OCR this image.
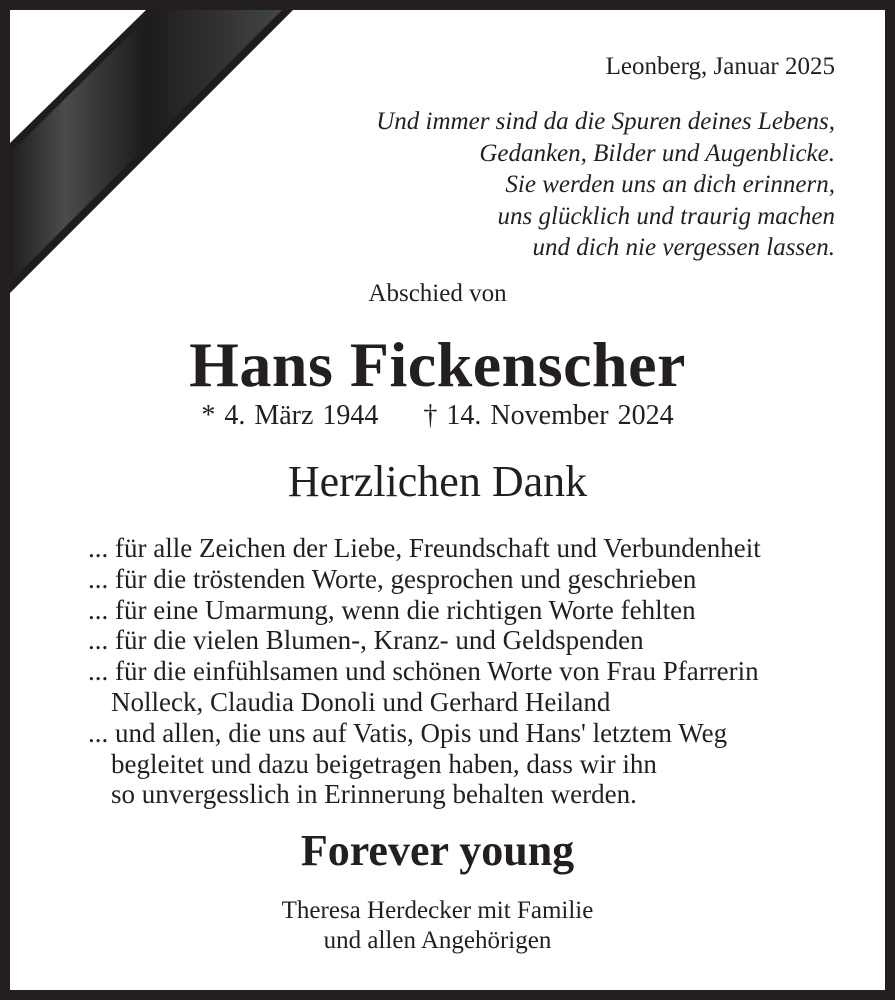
Leonberg, Januar 2025
Und immer sind da die Spuren deines Lebens,
Gedanken, Bilder und Augenblicke.
Sie werden uns an dich erinnern,
uns glücklich und traurig machen
und dich nie vergessen lassen.
Abschied von
Hans Fickenscher
* 4. März 1944     † 14. November 2024
Herzlichen Dank
... für alle Zeichen der Liebe, Freundschaft und Verbundenheit
... für die tröstenden Worte, gesprochen und geschrieben
... für eine Umarmung, wenn die richtigen Worte fehlten
... für die vielen Blumen-, Kranz- und Geldspenden
... für die einfühlsamen und schönen Worte von Frau Pfarrerin
Nolleck, Claudia Donoli und Gerhard Heiland
... und allen, die uns auf Vatis, Opis und Hans' letztem Weg
begleitet und dazu beigetragen haben, dass wir ihn
so unvergesslich in Erinnerung behalten werden.
Forever young
Theresa Herdecker mit Familie
und allen Angehörigen
